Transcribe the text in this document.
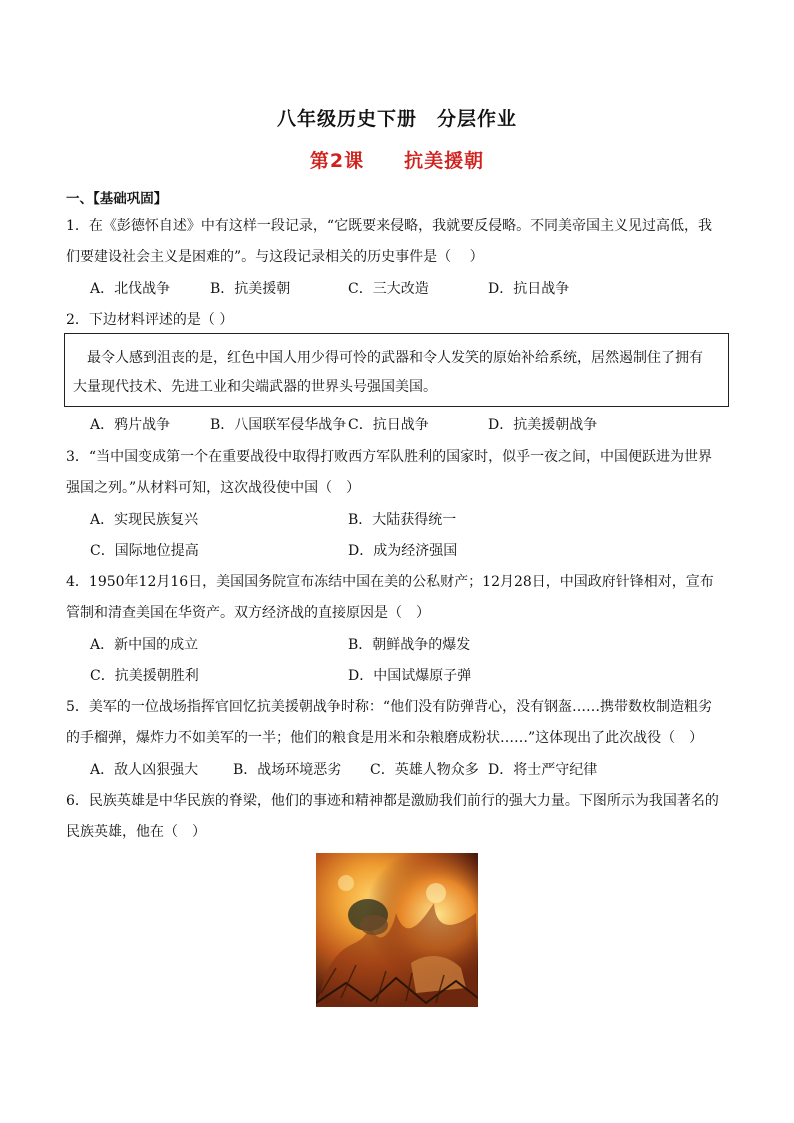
八年级历史下册　分层作业
第2课 抗美援朝
一、【基础巩固】
1．在《彭德怀自述》中有这样一段记录，“它既要来侵略，我就要反侵略。不同美帝国主义见过高低，我
们要建设社会主义是困难的”。与这段记录相关的历史事件是（　 ）
A．北伐战争	B．抗美援朝	C．三大改造	D．抗日战争
2．下边材料评述的是（ ）
　最令人感到沮丧的是，红色中国人用少得可怜的武器和令人发笑的原始补给系统，居然遏制住了拥有
大量现代技术、先进工业和尖端武器的世界头号强国美国。
A．鸦片战争	B．八国联军侵华战争 C．抗日战争	D．抗美援朝战争
3．“当中国变成第一个在重要战役中取得打败西方军队胜利的国家时，似乎一夜之间，中国便跃进为世界
强国之列。”从材料可知，这次战役使中国（　）
A．实现民族复兴	B．大陆获得统一
C．国际地位提高	D．成为经济强国
4．1950年12月16日，美国国务院宣布冻结中国在美的公私财产；12月28日，中国政府针锋相对，宣布
管制和清查美国在华资产。双方经济战的直接原因是（　）
A．新中国的成立	B．朝鲜战争的爆发
C．抗美援朝胜利	D．中国试爆原子弹
5．美军的一位战场指挥官回忆抗美援朝战争时称：“他们没有防弹背心，没有钢盔……携带数枚制造粗劣
的手榴弹，爆炸力不如美军的一半；他们的粮食是用米和杂粮磨成粉状……”这体现出了此次战役（　）
A．敌人凶狠强大 B．战场环境恶劣 C．英雄人物众多 D．将士严守纪律
6．民族英雄是中华民族的脊梁，他们的事迹和精神都是激励我们前行的强大力量。下图所示为我国著名的
民族英雄，他在（　）
